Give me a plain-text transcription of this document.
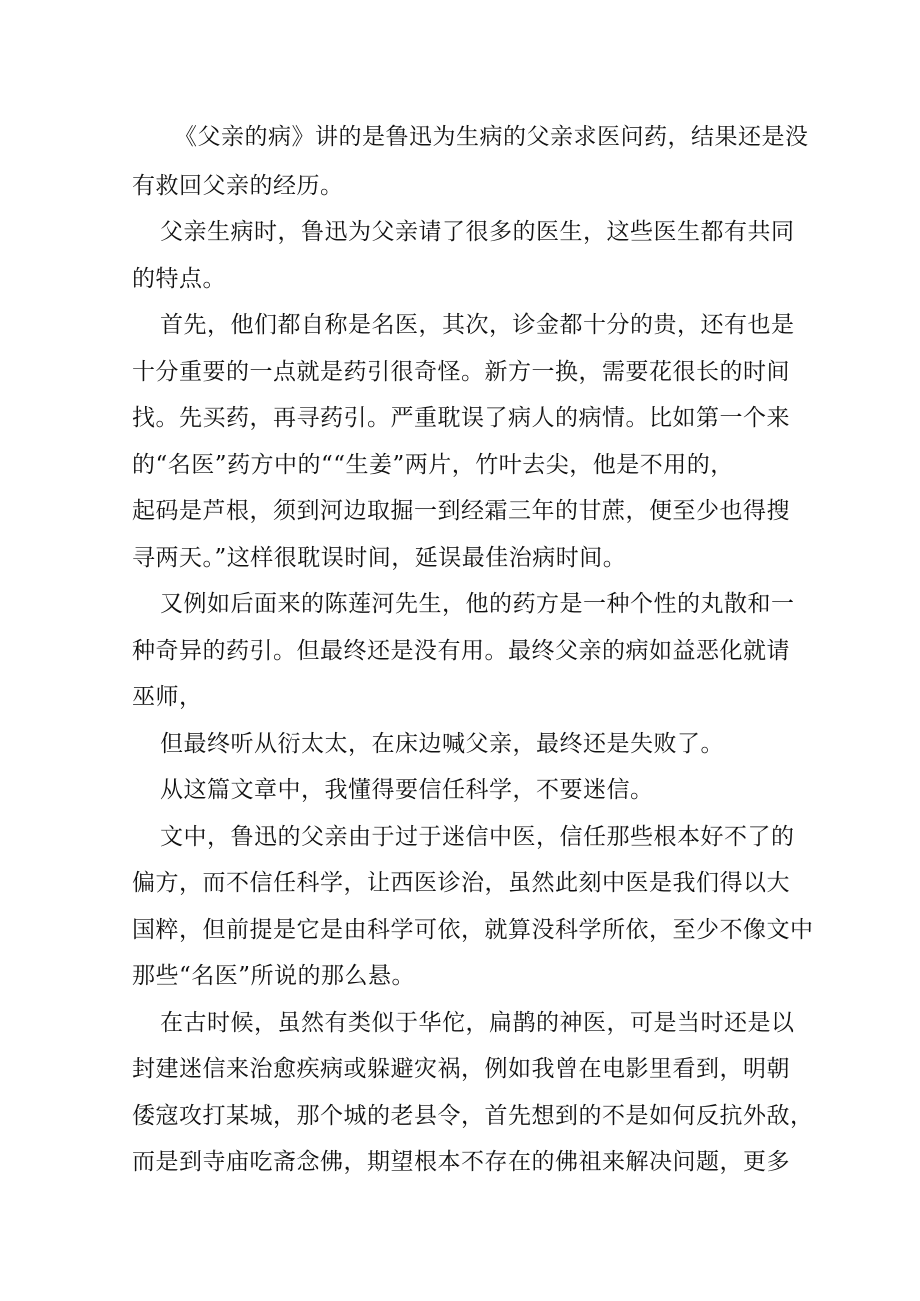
《父亲的病》讲的是鲁迅为生病的父亲求医问药，结果还是没
有救回父亲的经历。
父亲生病时，鲁迅为父亲请了很多的医生，这些医生都有共同
的特点。
首先，他们都自称是名医，其次，诊金都十分的贵，还有也是
十分重要的一点就是药引很奇怪。新方一换，需要花很长的时间
找。先买药，再寻药引。严重耽误了病人的病情。比如第一个来
的“名医”药方中的““生姜”两片，竹叶去尖，他是不用的，
起码是芦根，须到河边取掘一到经霜三年的甘蔗，便至少也得搜
寻两天。”这样很耽误时间，延误最佳治病时间。
又例如后面来的陈莲河先生，他的药方是一种个性的丸散和一
种奇异的药引。但最终还是没有用。最终父亲的病如益恶化就请
巫师，
但最终听从衍太太，在床边喊父亲，最终还是失败了。
从这篇文章中，我懂得要信任科学，不要迷信。
文中，鲁迅的父亲由于过于迷信中医，信任那些根本好不了的
偏方，而不信任科学，让西医诊治，虽然此刻中医是我们得以大
国粹，但前提是它是由科学可依，就算没科学所依，至少不像文中
那些“名医”所说的那么悬。
在古时候，虽然有类似于华佗，扁鹊的神医，可是当时还是以
封建迷信来治愈疾病或躲避灾祸，例如我曾在电影里看到，明朝
倭寇攻打某城，那个城的老县令，首先想到的不是如何反抗外敌，
而是到寺庙吃斋念佛，期望根本不存在的佛祖来解决问题，更多
